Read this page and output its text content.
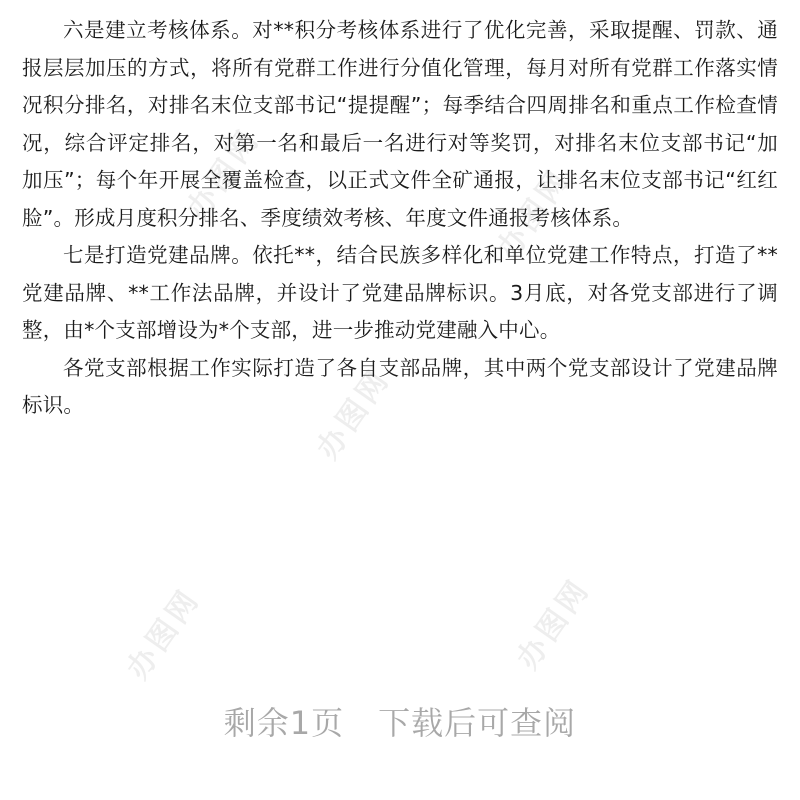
办图网	办图网
办图网
办图网	办图网

六是建立考核体系。对**积分考核体系进行了优化完善，采取提醒、罚款、通报层层加压的方式，将所有党群工作进行分值化管理，每月对所有党群工作落实情况积分排名，对排名末位支部书记“提提醒”；每季结合四周排名和重点工作检查情况，综合评定排名，对第一名和最后一名进行对等奖罚，对排名末位支部书记“加加压”；每个年开展全覆盖检查，以正式文件全矿通报，让排名末位支部书记“红红脸”。形成月度积分排名、季度绩效考核、年度文件通报考核体系。

七是打造党建品牌。依托**，结合民族多样化和单位党建工作特点，打造了**党建品牌、**工作法品牌，并设计了党建品牌标识。3月底，对各党支部进行了调整，由*个支部增设为*个支部，进一步推动党建融入中心。

各党支部根据工作实际打造了各自支部品牌，其中两个党支部设计了党建品牌标识。

剩余1页 下载后可查阅
